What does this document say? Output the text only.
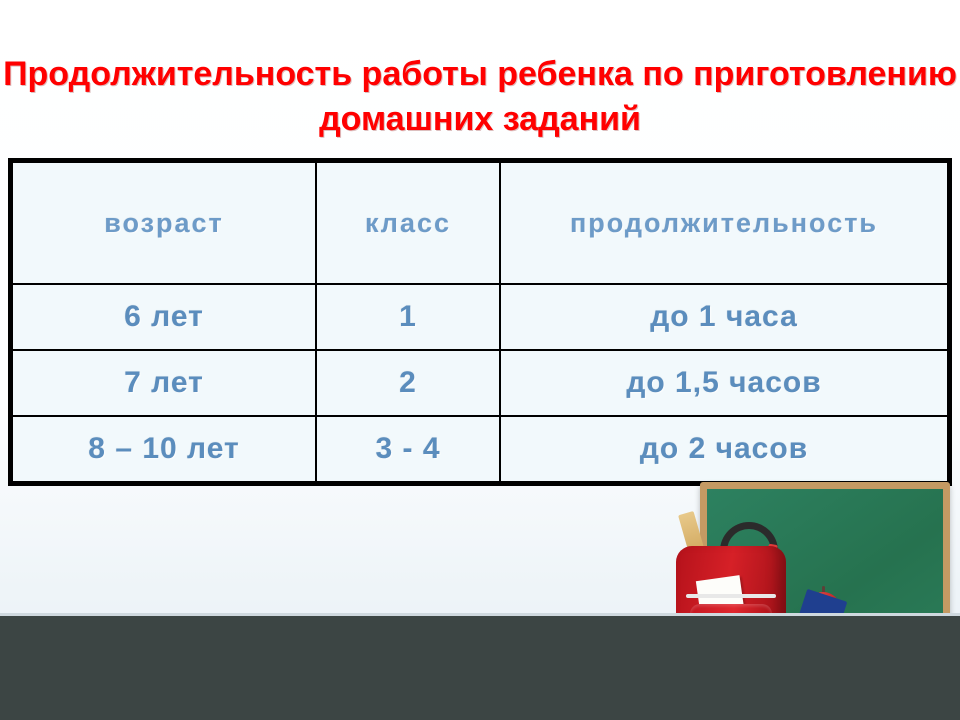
Продолжительность работы ребенка по приготовлению домашних заданий
возраст	класс	продолжительность
6 лет	1	до 1 часа
7 лет	2	до 1,5 часов
8 – 10 лет	3 - 4	до 2 часов
